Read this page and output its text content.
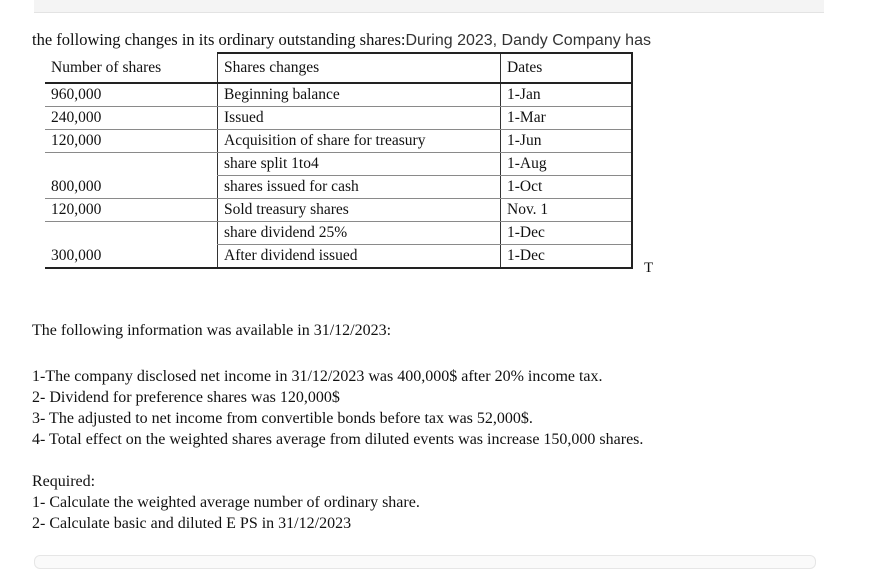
the following changes in its ordinary outstanding shares:During 2023, Dandy Company has
Number of shares	Shares changes	Dates
960,000	Beginning balance	1-Jan
240,000	Issued	1-Mar
120,000	Acquisition of share for treasury	1-Jun
	share split 1to4	1-Aug
800,000	shares issued for cash	1-Oct
120,000	Sold treasury shares	Nov. 1
	share dividend 25%	1-Dec
300,000	After dividend issued	1-Dec
T
The following information was available in 31/12/2023:
1-The company disclosed net income in 31/12/2023 was 400,000$ after 20% income tax.
2- Dividend for preference shares was 120,000$
3- The adjusted to net income from convertible bonds before tax was 52,000$.
4- Total effect on the weighted shares average from diluted events was increase 150,000 shares.
Required:
1- Calculate the weighted average number of ordinary share.
2- Calculate basic and diluted E PS in 31/12/2023
